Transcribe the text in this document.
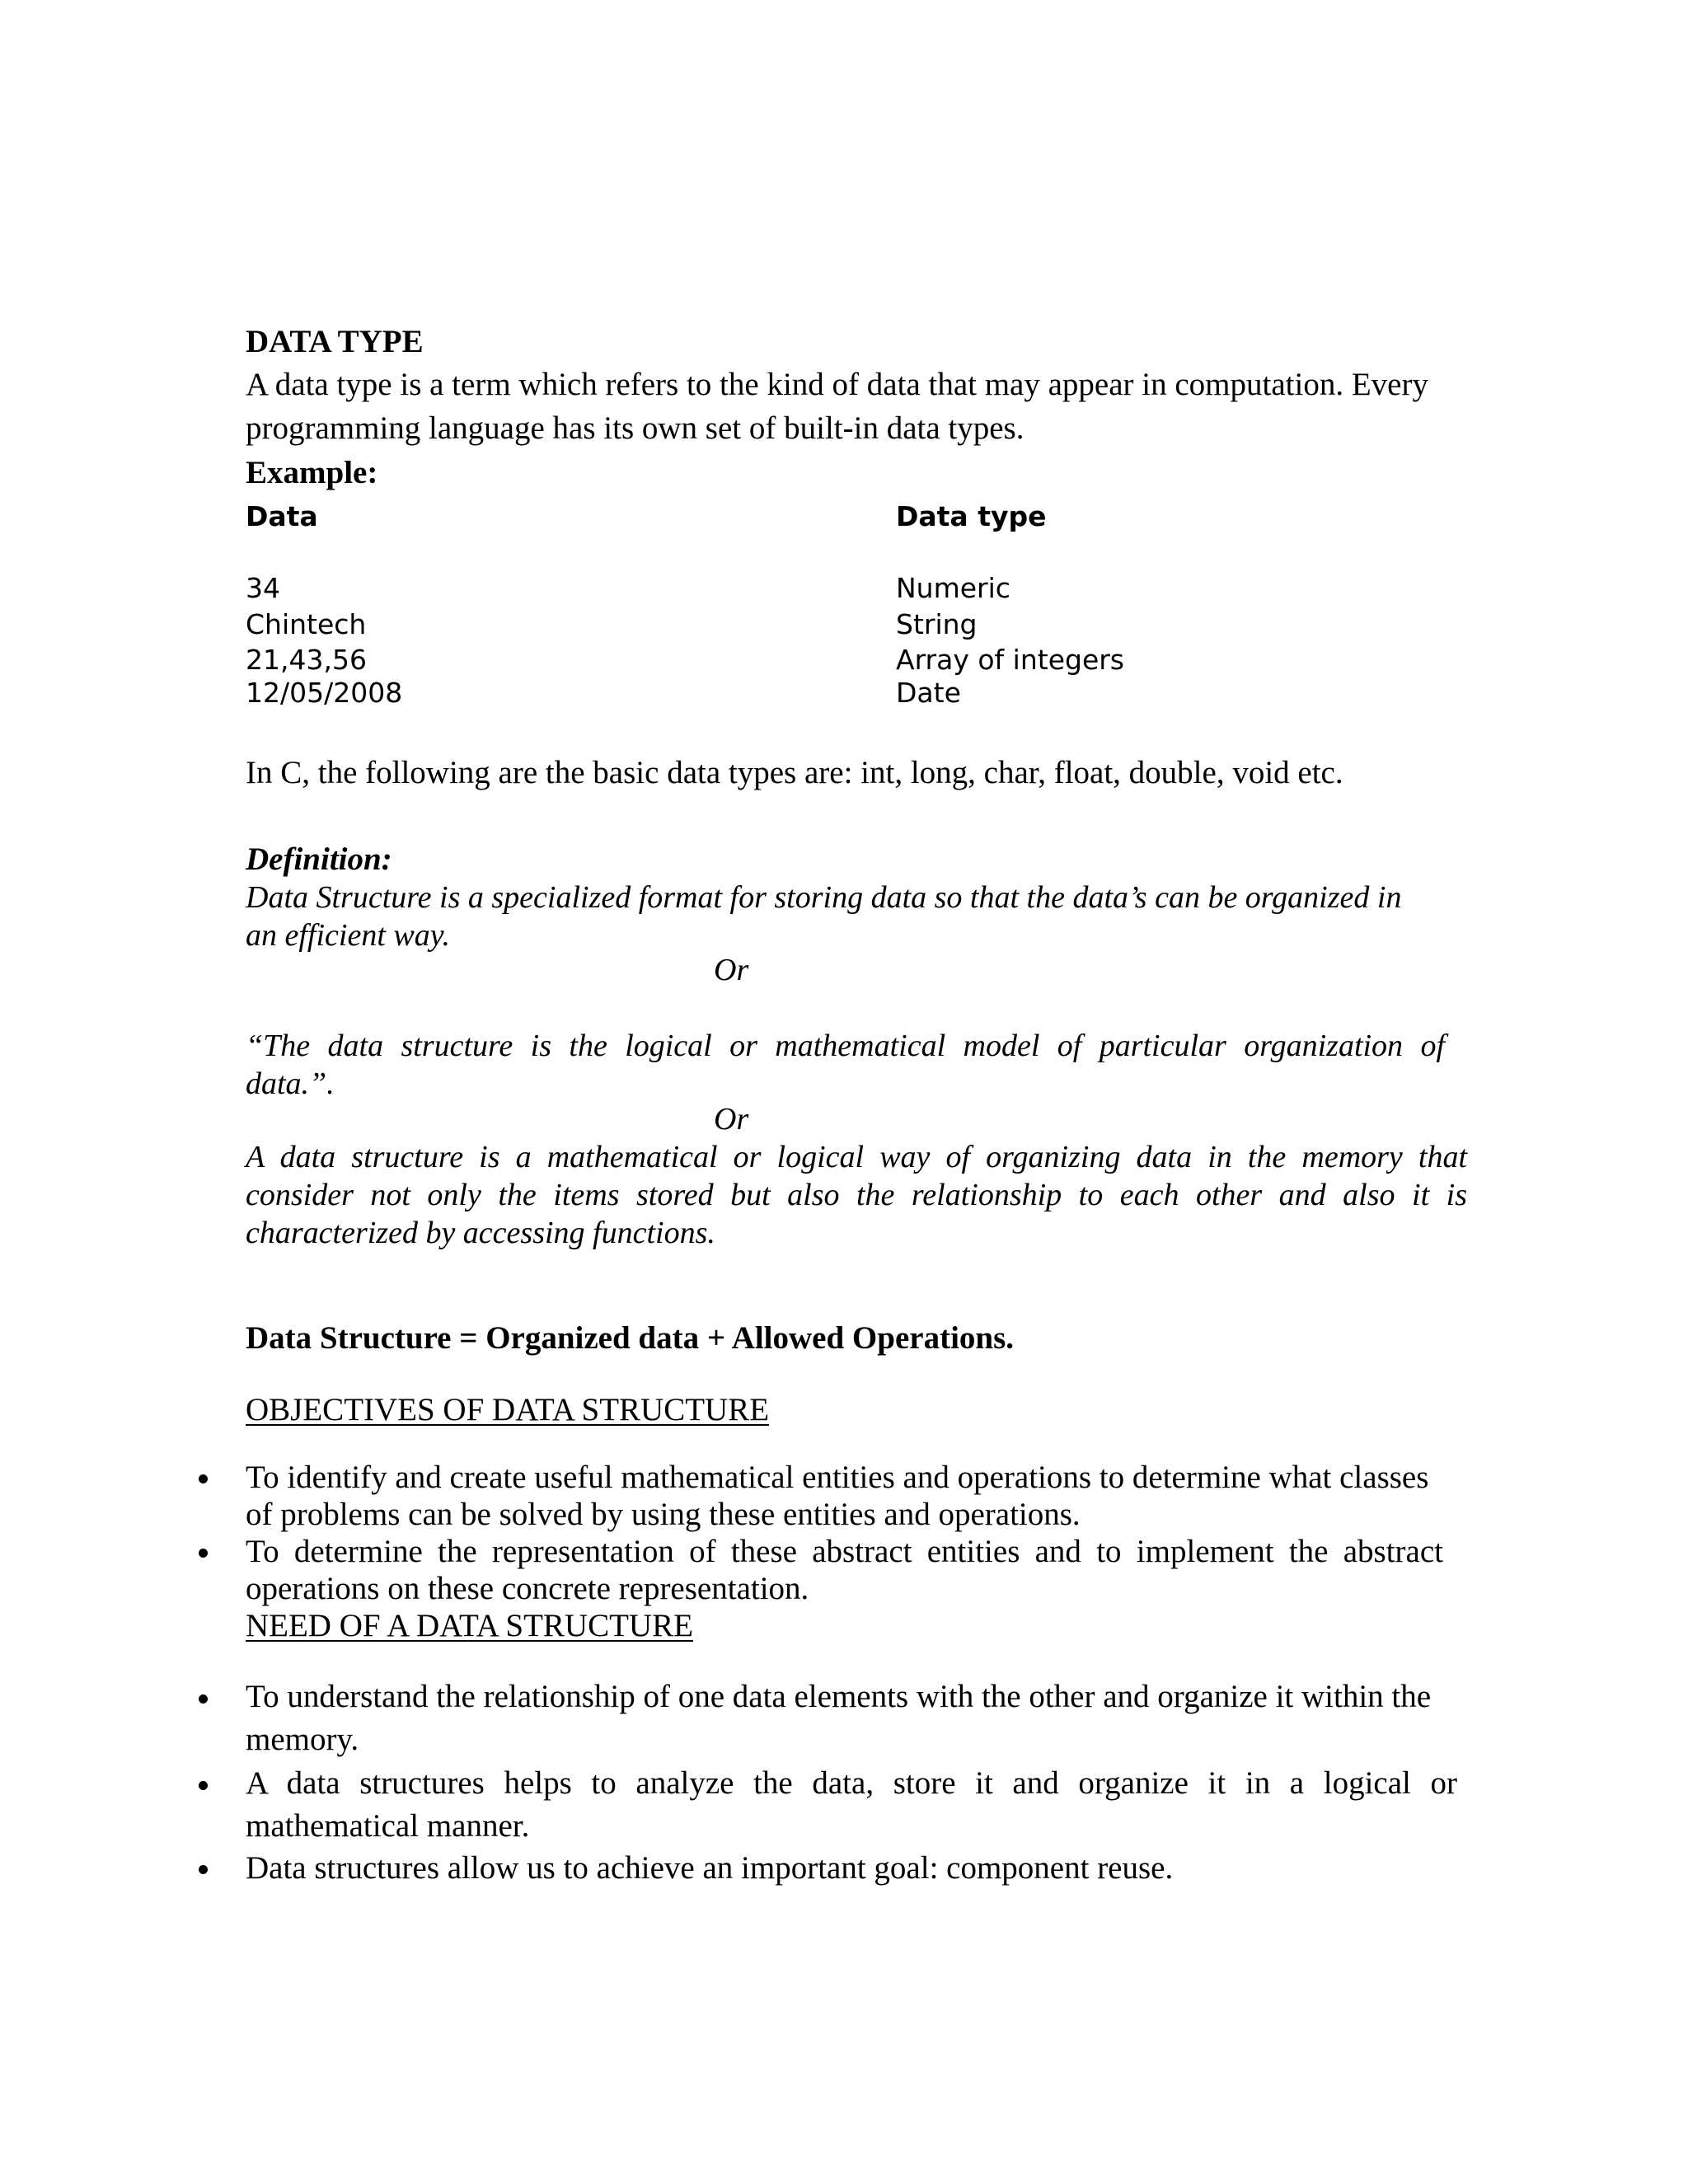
DATA TYPE
A data type is a term which refers to the kind of data that may appear in computation. Every
programming language has its own set of built-in data types.
Example:
Data	Data type
34	Numeric
Chintech	String
21,43,56	Array of integers
12/05/2008	Date
In C, the following are the basic data types are: int, long, char, float, double, void etc.
Definition:
Data Structure is a specialized format for storing data so that the data’s can be organized in
an efficient way.
Or
“The data structure is the logical or mathematical model of particular organization of
data.”.
Or
A data structure is a mathematical or logical way of organizing data in the memory that
consider not only the items stored but also the relationship to each other and also it is
characterized by accessing functions.
Data Structure = Organized data + Allowed Operations.
OBJECTIVES OF DATA STRUCTURE
To identify and create useful mathematical entities and operations to determine what classes
of problems can be solved by using these entities and operations.
To determine the representation of these abstract entities and to implement the abstract
operations on these concrete representation.
NEED OF A DATA STRUCTURE
To understand the relationship of one data elements with the other and organize it within the
memory.
A data structures helps to analyze the data, store it and organize it in a logical or
mathematical manner.
Data structures allow us to achieve an important goal: component reuse.
